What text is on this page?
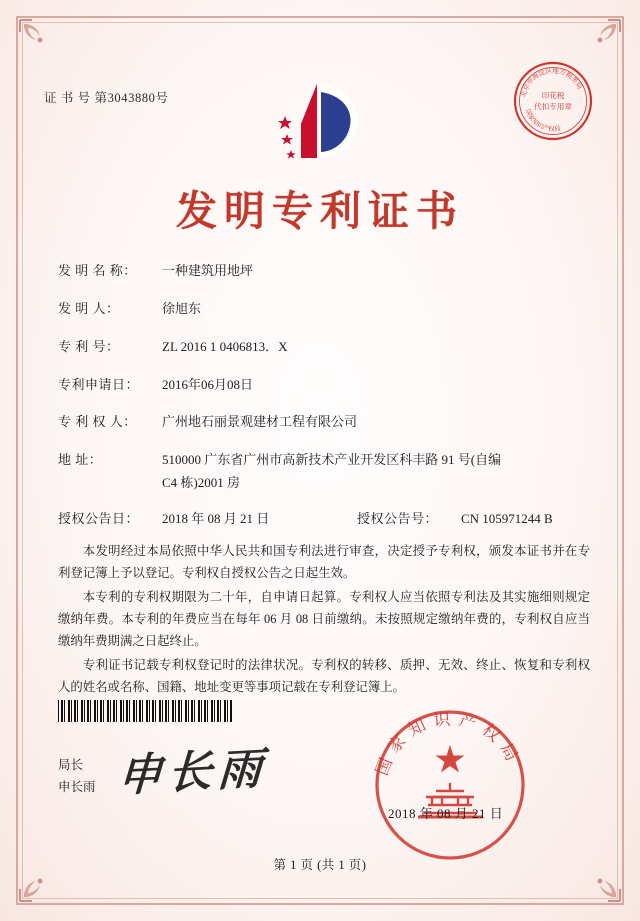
证 书 号 第3043880号	北京市海淀区地方税务局
国家知识产权局
印花税
代扣专用章
发明专利证书
发 明 名 称：	一种建筑用地坪
发 明 人：	徐旭东
专 利 号：	ZL 2016 1 0406813．X
专利申请日：	2016年06月08日
专 利 权 人：	广州地石丽景观建材工程有限公司
地 址：	510000 广东省广州市高新技术产业开发区科丰路 91 号(自编
C4 栋)2001 房
授权公告日：	2018 年 08 月 21 日	授权公告号：	CN 105971244 B

本发明经过本局依照中华人民共和国专利法进行审查，决定授予专利权，颁发本证书并在专利登记簿上予以登记。专利权自授权公告之日起生效。

本专利的专利权期限为二十年，自申请日起算。专利权人应当依照专利法及其实施细则规定缴纳年费。本专利的年费应当在每年 06 月 08 日前缴纳。未按照规定缴纳年费的，专利权自应当缴纳年费期满之日起终止。

专利证书记载专利权登记时的法律状况。专利权的转移、质押、无效、终止、恢复和专利权人的姓名或名称、国籍、地址变更等事项记载在专利登记簿上。

国家知识产权局
申长雨
局长
申长雨
2018 年 08 月 21 日
第 1 页 (共 1 页)
